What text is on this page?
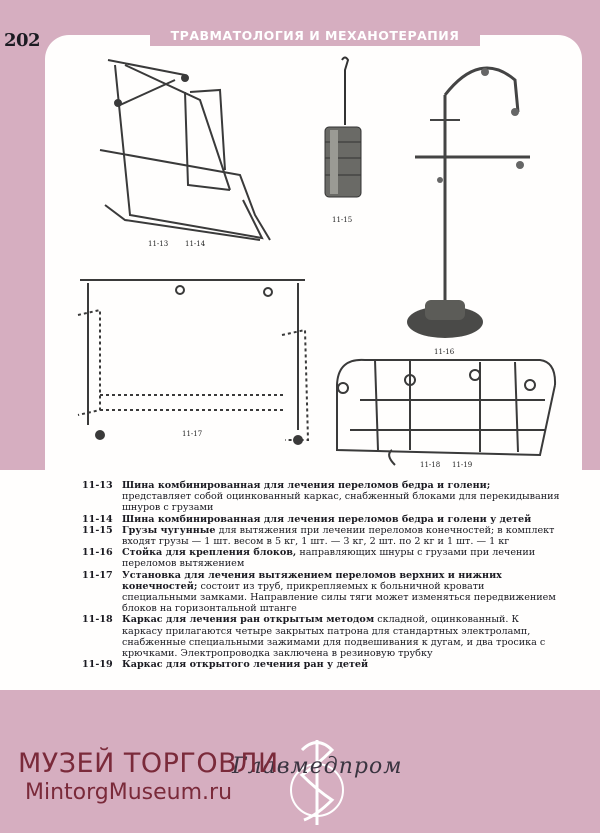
202	ТРАВМАТОЛОГИЯ И МЕХАНОТЕРАПИЯ
11-13 11-14
11-15
11-16
11-17
11-18 11-19
11-13 Шина комбинированная для лечения переломов бедра и голени; представляет собой оцинкованный каркас, снабженный блоками для перекидывания шнуров с грузами
11-14 Шина комбинированная для лечения переломов бедра и голени у детей
11-15 Грузы чугунные для вытяжения при лечении переломов конечностей; в комплект входят грузы — 1 шт. весом в 5 кг, 1 шт. — 3 кг, 2 шт. по 2 кг и 1 шт. — 1 кг
11-16 Стойка для крепления блоков, направляющих шнуры с грузами при лечении переломов вытяжением
11-17 Установка для лечения вытяжением переломов верхних и нижних конечностей; состоит из труб, прикрепляемых к больничной кровати специальными замками. Направление силы тяги может изменяться передвижением блоков на горизонтальной штанге
11-18 Каркас для лечения ран открытым методом складной, оцинкованный. К каркасу прилагаются четыре закрытых патрона для стандартных электроламп, снабженные специальными зажимами для подвешивания к дугам, и два тросика с крючками. Электропроводка заключена в резиновую трубку
11-19 Каркас для открытого лечения ран у детей
Главмедпром
МУЗЕЙ ТОРГОВЛИ
MintorgMuseum.ru
